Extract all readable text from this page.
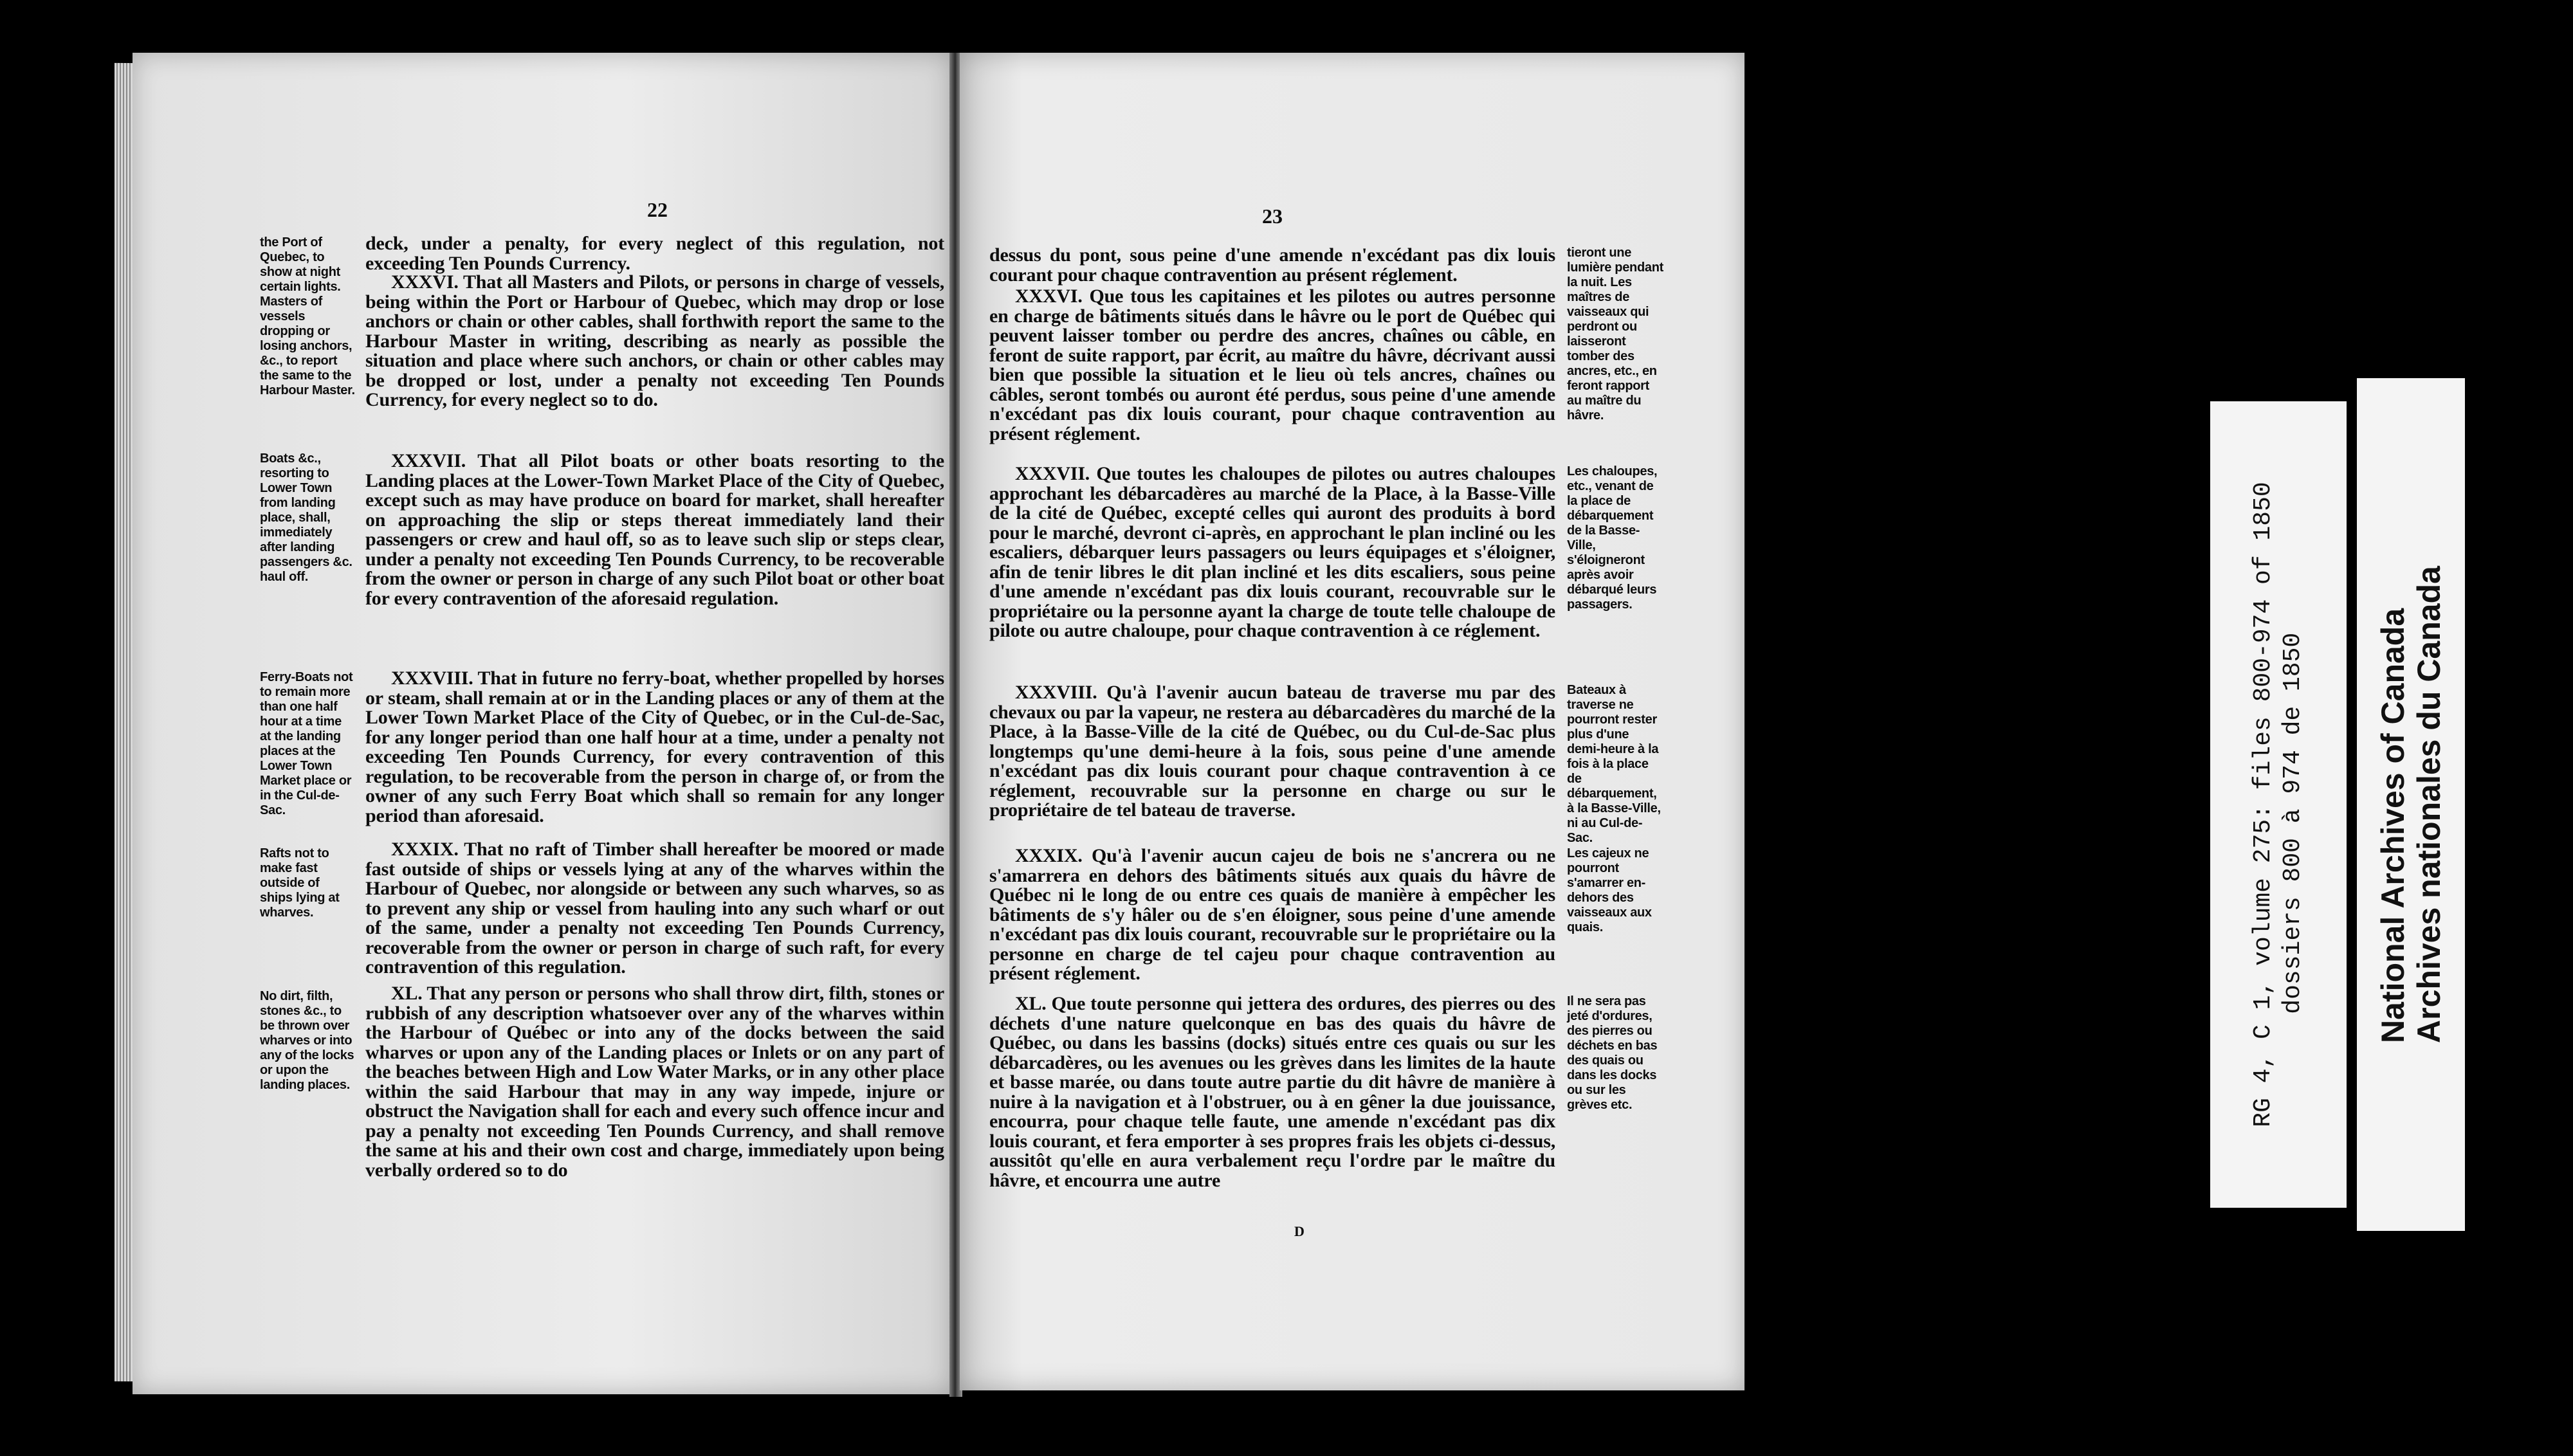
22
the Port of Quebec, to show at night certain lights. Masters of vessels dropping or losing anchors, &c., to report the same to the Harbour Master.
Boats &c., resorting to Lower Town from landing place, shall, immediately after landing passengers &c. haul off.
Ferry-Boats not to remain more than one half hour at a time at the landing places at the Lower Town Market place or in the Cul-de-Sac.
Rafts not to make fast outside of ships lying at wharves.
No dirt, filth, stones &c., to be thrown over wharves or into any of the locks or upon the landing places.
deck, under a penalty, for every neglect of this regulation, not exceeding Ten Pounds Currency.
XXXVI. That all Masters and Pilots, or persons in charge of vessels, being within the Port or Harbour of Quebec, which may drop or lose anchors or chain or other cables, shall forthwith report the same to the Harbour Master in writing, describing as nearly as possible the situation and place where such anchors, or chain or other cables may be dropped or lost, under a penalty not exceeding Ten Pounds Currency, for every neglect so to do.
XXXVII. That all Pilot boats or other boats resorting to the Landing places at the Lower-Town Market Place of the City of Quebec, except such as may have produce on board for market, shall hereafter on approaching the slip or steps thereat immediately land their passengers or crew and haul off, so as to leave such slip or steps clear, under a penalty not exceeding Ten Pounds Currency, to be recoverable from the owner or person in charge of any such Pilot boat or other boat for every contravention of the aforesaid regulation.
XXXVIII. That in future no ferry-boat, whether propelled by horses or steam, shall remain at or in the Landing places or any of them at the Lower Town Market Place of the City of Quebec, or in the Cul-de-Sac, for any longer period than one half hour at a time, under a penalty not exceeding Ten Pounds Currency, for every contravention of this regulation, to be recoverable from the person in charge of, or from the owner of any such Ferry Boat which shall so remain for any longer period than aforesaid.
XXXIX. That no raft of Timber shall hereafter be moored or made fast outside of ships or vessels lying at any of the wharves within the Harbour of Quebec, nor alongside or between any such wharves, so as to prevent any ship or vessel from hauling into any such wharf or out of the same, under a penalty not exceeding Ten Pounds Currency, recoverable from the owner or person in charge of such raft, for every contravention of this regulation.
XL. That any person or persons who shall throw dirt, filth, stones or rubbish of any description whatsoever over any of the wharves within the Harbour of Québec or into any of the docks between the said wharves or upon any of the Landing places or Inlets or on any part of the beaches between High and Low Water Marks, or in any other place within the said Harbour that may in any way impede, injure or obstruct the Navigation shall for each and every such offence incur and pay a penalty not exceeding Ten Pounds Currency, and shall remove the same at his and their own cost and charge, immediately upon being verbally ordered so to do
23
dessus du pont, sous peine d'une amende n'excédant pas dix louis courant pour chaque contravention au présent réglement.
XXXVI. Que tous les capitaines et les pilotes ou autres personne en charge de bâtiments situés dans le hâvre ou le port de Québec qui peuvent laisser tomber ou perdre des ancres, chaînes ou câble, en feront de suite rapport, par écrit, au maître du hâvre, décrivant aussi bien que possible la situation et le lieu où tels ancres, chaînes ou câbles, seront tombés ou auront été perdus, sous peine d'une amende n'excédant pas dix louis courant, pour chaque contravention au présent réglement.
XXXVII. Que toutes les chaloupes de pilotes ou autres chaloupes approchant les débarcadères au marché de la Place, à la Basse-Ville de la cité de Québec, excepté celles qui auront des produits à bord pour le marché, devront ci-après, en approchant le plan incliné ou les escaliers, débarquer leurs passagers ou leurs équipages et s'éloigner, afin de tenir libres le dit plan incliné et les dits escaliers, sous peine d'une amende n'excédant pas dix louis courant, recouvrable sur le propriétaire ou la personne ayant la charge de toute telle chaloupe de pilote ou autre chaloupe, pour chaque contravention à ce réglement.
XXXVIII. Qu'à l'avenir aucun bateau de traverse mu par des chevaux ou par la vapeur, ne restera au débarcadères du marché de la Place, à la Basse-Ville de la cité de Québec, ou du Cul-de-Sac plus longtemps qu'une demi-heure à la fois, sous peine d'une amende n'excédant pas dix louis courant pour chaque contravention à ce réglement, recouvrable sur la personne en charge ou sur le propriétaire de tel bateau de traverse.
XXXIX. Qu'à l'avenir aucun cajeu de bois ne s'ancrera ou ne s'amarrera en dehors des bâtiments situés aux quais du hâvre de Québec ni le long de ou entre ces quais de manière à empêcher les bâtiments de s'y hâler ou de s'en éloigner, sous peine d'une amende n'excédant pas dix louis courant, recouvrable sur le propriétaire ou la personne en charge de tel cajeu pour chaque contravention au présent réglement.
XL. Que toute personne qui jettera des ordures, des pierres ou des déchets d'une nature quelconque en bas des quais du hâvre de Québec, ou dans les bassins (docks) situés entre ces quais ou sur les débarcadères, ou les avenues ou les grèves dans les limites de la haute et basse marée, ou dans toute autre partie du dit hâvre de manière à nuire à la navigation et à l'obstruer, ou à en gêner la due jouissance, encourra, pour chaque telle faute, une amende n'excédant pas dix louis courant, et fera emporter à ses propres frais les objets ci-dessus, aussitôt qu'elle en aura verbalement reçu l'ordre par le maître du hâvre, et encourra une autre
tieront une lumière pendant la nuit. Les maîtres de vaisseaux qui perdront ou laisseront tomber des ancres, etc., en feront rapport au maître du hâvre.
Les chaloupes, etc., venant de la place de débarquement de la Basse-Ville, s'éloigneront après avoir débarqué leurs passagers.
Bateaux à traverse ne pourront rester plus d'une demi-heure à la fois à la place de débarquement, à la Basse-Ville, ni au Cul-de-Sac.
Les cajeux ne pourront s'amarrer en-dehors des vaisseaux aux quais.
Il ne sera pas jeté d'ordures, des pierres ou déchets en bas des quais ou dans les docks ou sur les grèves etc.
D
RG 4, C 1, volume 275: files 800-974 of 1850 dossiers 800 à 974 de 1850 National Archives of Canada Archives nationales du Canada
